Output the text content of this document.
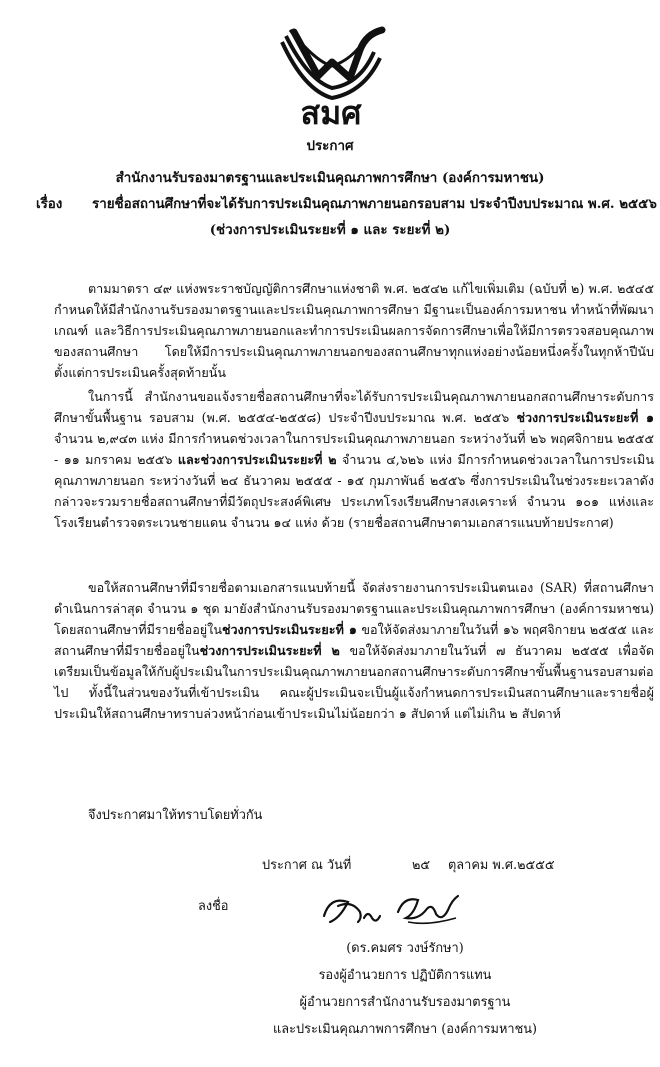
สมศ
ประกาศ
สำนักงานรับรองมาตรฐานและประเมินคุณภาพการศึกษา (องค์การมหาชน)
เรื่อง รายชื่อสถานศึกษาที่จะได้รับการประเมินคุณภาพภายนอกรอบสาม ประจำปีงบประมาณ พ.ศ. ๒๕๕๖
(ช่วงการประเมินระยะที่ ๑ และ ระยะที่ ๒)
ตามมาตรา ๔๙ แห่งพระราชบัญญัติการศึกษาแห่งชาติ พ.ศ. ๒๕๔๒ แก้ไขเพิ่มเติม (ฉบับที่ ๒) พ.ศ. ๒๕๔๕ กำหนดให้มีสำนักงานรับรองมาตรฐานและประเมินคุณภาพการศึกษา มีฐานะเป็นองค์การมหาชน ทำหน้าที่พัฒนาเกณฑ์ และวิธีการประเมินคุณภาพภายนอกและทำการประเมินผลการจัดการศึกษาเพื่อให้มีการตรวจสอบคุณภาพของสถานศึกษา โดยให้มีการประเมินคุณภาพภายนอกของสถานศึกษาทุกแห่งอย่างน้อยหนึ่งครั้งในทุกห้าปีนับตั้งแต่การประเมินครั้งสุดท้ายนั้น
ในการนี้ สำนักงานขอแจ้งรายชื่อสถานศึกษาที่จะได้รับการประเมินคุณภาพภายนอกสถานศึกษาระดับการศึกษาขั้นพื้นฐาน รอบสาม (พ.ศ. ๒๕๕๔-๒๕๕๘) ประจำปีงบประมาณ พ.ศ. ๒๕๕๖ ช่วงการประเมินระยะที่ ๑ จำนวน ๒,๙๔๓ แห่ง มีการกำหนดช่วงเวลาในการประเมินคุณภาพภายนอก ระหว่างวันที่ ๒๖ พฤศจิกายน ๒๕๕๕ - ๑๑ มกราคม ๒๕๕๖ และช่วงการประเมินระยะที่ ๒ จำนวน ๔,๖๒๖ แห่ง มีการกำหนดช่วงเวลาในการประเมินคุณภาพภายนอก ระหว่างวันที่ ๒๔ ธันวาคม ๒๕๕๕ - ๑๕ กุมภาพันธ์ ๒๕๕๖ ซึ่งการประเมินในช่วงระยะเวลาดังกล่าวจะรวมรายชื่อสถานศึกษาที่มีวัตถุประสงค์พิเศษ ประเภทโรงเรียนศึกษาสงเคราะห์ จำนวน ๑๐๑ แห่งและโรงเรียนตำรวจตระเวนชายแดน จำนวน ๑๔ แห่ง ด้วย (รายชื่อสถานศึกษาตามเอกสารแนบท้ายประกาศ)
ขอให้สถานศึกษาที่มีรายชื่อตามเอกสารแนบท้ายนี้ จัดส่งรายงานการประเมินตนเอง (SAR) ที่สถานศึกษาดำเนินการล่าสุด จำนวน ๑ ชุด มายังสำนักงานรับรองมาตรฐานและประเมินคุณภาพการศึกษา (องค์การมหาชน) โดยสถานศึกษาที่มีรายชื่ออยู่ในช่วงการประเมินระยะที่ ๑ ขอให้จัดส่งมาภายในวันที่ ๑๖ พฤศจิกายน ๒๕๕๕ และสถานศึกษาที่มีรายชื่ออยู่ในช่วงการประเมินระยะที่ ๒ ขอให้จัดส่งมาภายในวันที่ ๗ ธันวาคม ๒๕๕๕ เพื่อจัดเตรียมเป็นข้อมูลให้กับผู้ประเมินในการประเมินคุณภาพภายนอกสถานศึกษาระดับการศึกษาขั้นพื้นฐานรอบสามต่อไป ทั้งนี้ในส่วนของวันที่เข้าประเมิน คณะผู้ประเมินจะเป็นผู้แจ้งกำหนดการประเมินสถานศึกษาและรายชื่อผู้ประเมินให้สถานศึกษาทราบล่วงหน้าก่อนเข้าประเมินไม่น้อยกว่า ๑ สัปดาห์ แต่ไม่เกิน ๒ สัปดาห์
จึงประกาศมาให้ทราบโดยทั่วกัน
ประกาศ ณ วันที่	๒๕ ตุลาคม พ.ศ.๒๕๕๕
ลงชื่อ
(ดร.คมศร วงษ์รักษา)
รองผู้อำนวยการ ปฏิบัติการแทน
ผู้อำนวยการสำนักงานรับรองมาตรฐาน
และประเมินคุณภาพการศึกษา (องค์การมหาชน)
